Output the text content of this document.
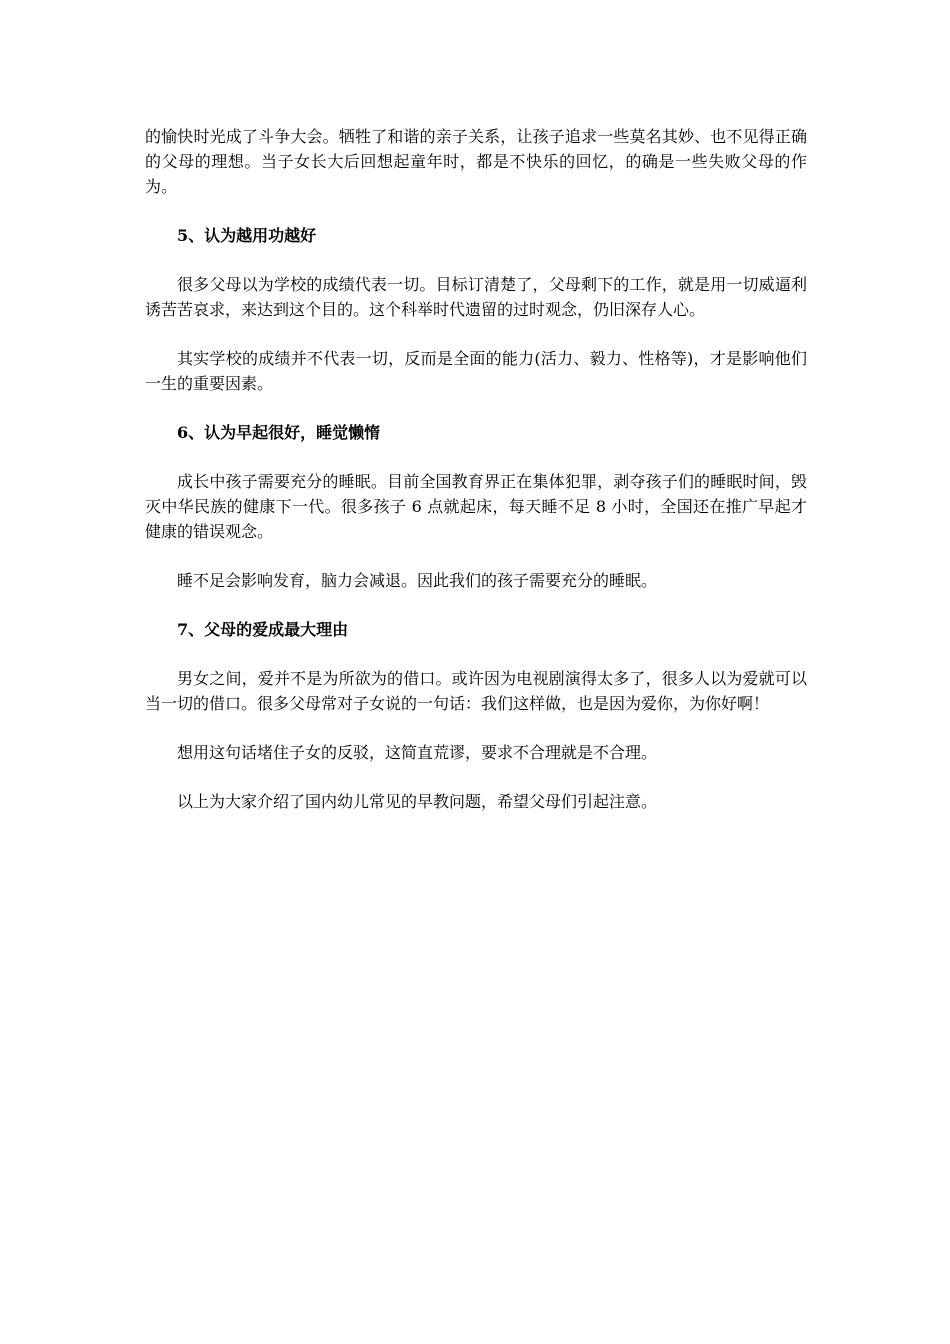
的愉快时光成了斗争大会。牺牲了和谐的亲子关系，让孩子追求一些莫名其妙、也不见得正确的父母的理想。当子女长大后回想起童年时，都是不快乐的回忆，的确是一些失败父母的作为。

5、认为越用功越好

很多父母以为学校的成绩代表一切。目标订清楚了，父母剩下的工作，就是用一切威逼利诱苦苦哀求，来达到这个目的。这个科举时代遗留的过时观念，仍旧深存人心。

其实学校的成绩并不代表一切，反而是全面的能力(活力、毅力、性格等)，才是影响他们一生的重要因素。

6、认为早起很好，睡觉懒惰

成长中孩子需要充分的睡眠。目前全国教育界正在集体犯罪，剥夺孩子们的睡眠时间，毁灭中华民族的健康下一代。很多孩子 6 点就起床，每天睡不足 8 小时，全国还在推广早起才健康的错误观念。

睡不足会影响发育，脑力会减退。因此我们的孩子需要充分的睡眠。

7、父母的爱成最大理由

男女之间，爱并不是为所欲为的借口。或许因为电视剧演得太多了，很多人以为爱就可以当一切的借口。很多父母常对子女说的一句话：我们这样做，也是因为爱你，为你好啊！

想用这句话堵住子女的反驳，这简直荒谬，要求不合理就是不合理。

以上为大家介绍了国内幼儿常见的早教问题，希望父母们引起注意。
